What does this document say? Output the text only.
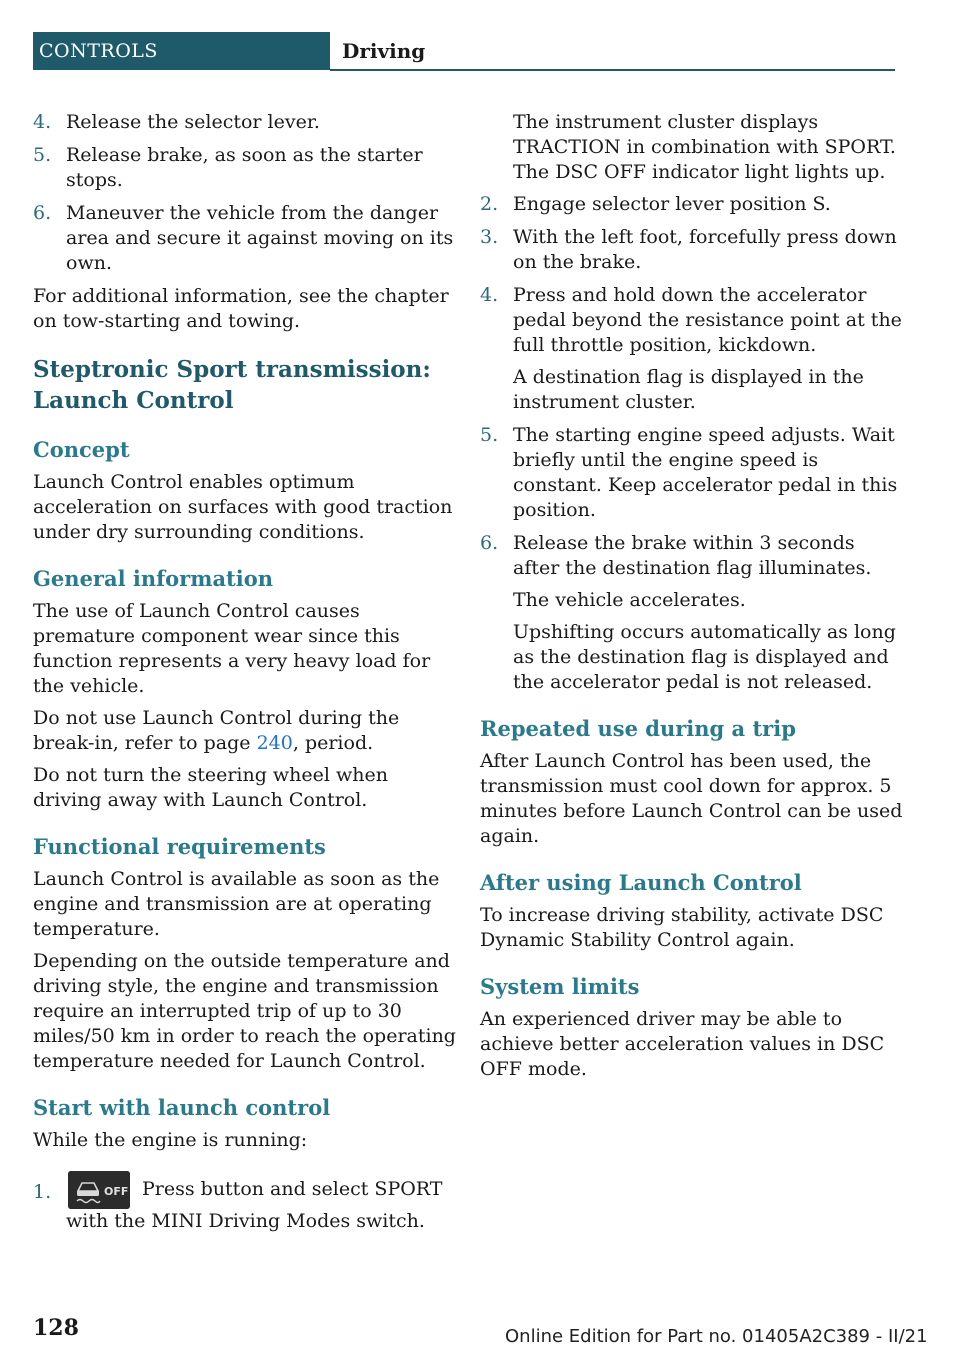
CONTROLS	Driving
4. Release the selector lever.
5. Release brake, as soon as the starter stops.
6. Maneuver the vehicle from the danger area and secure it against moving on its own.

For additional information, see the chapter on tow-starting and towing.

Steptronic Sport transmission: Launch Control
Concept

Launch Control enables optimum acceleration on surfaces with good traction under dry surrounding conditions.

General information

The use of Launch Control causes premature component wear since this function represents a very heavy load for the vehicle.

Do not use Launch Control during the break-in, refer to page 240, period.

Do not turn the steering wheel when driving away with Launch Control.

Functional requirements

Launch Control is available as soon as the engine and transmission are at operating temperature.

Depending on the outside temperature and driving style, the engine and transmission require an interrupted trip of up to 30 miles/50 km in order to reach the operating temperature needed for Launch Control.

Start with launch control

While the engine is running:

1.	OFF Press button and select SPORT with the MINI Driving Modes switch.

The instrument cluster displays TRACTION in combination with SPORT. The DSC OFF indicator light lights up.

2. Engage selector lever position S.
3. With the left foot, forcefully press down on the brake.
4. Press and hold down the accelerator pedal beyond the resistance point at the full throttle position, kickdown.
A destination flag is displayed in the instrument cluster.
5. The starting engine speed adjusts. Wait briefly until the engine speed is constant. Keep accelerator pedal in this position.
6. Release the brake within 3 seconds after the destination flag illuminates.
The vehicle accelerates.
Upshifting occurs automatically as long as the destination flag is displayed and the accelerator pedal is not released.
Repeated use during a trip

After Launch Control has been used, the transmission must cool down for approx. 5 minutes before Launch Control can be used again.

After using Launch Control

To increase driving stability, activate DSC Dynamic Stability Control again.

System limits

An experienced driver may be able to achieve better acceleration values in DSC OFF mode.

128	Online Edition for Part no. 01405A2C389 - II/21
